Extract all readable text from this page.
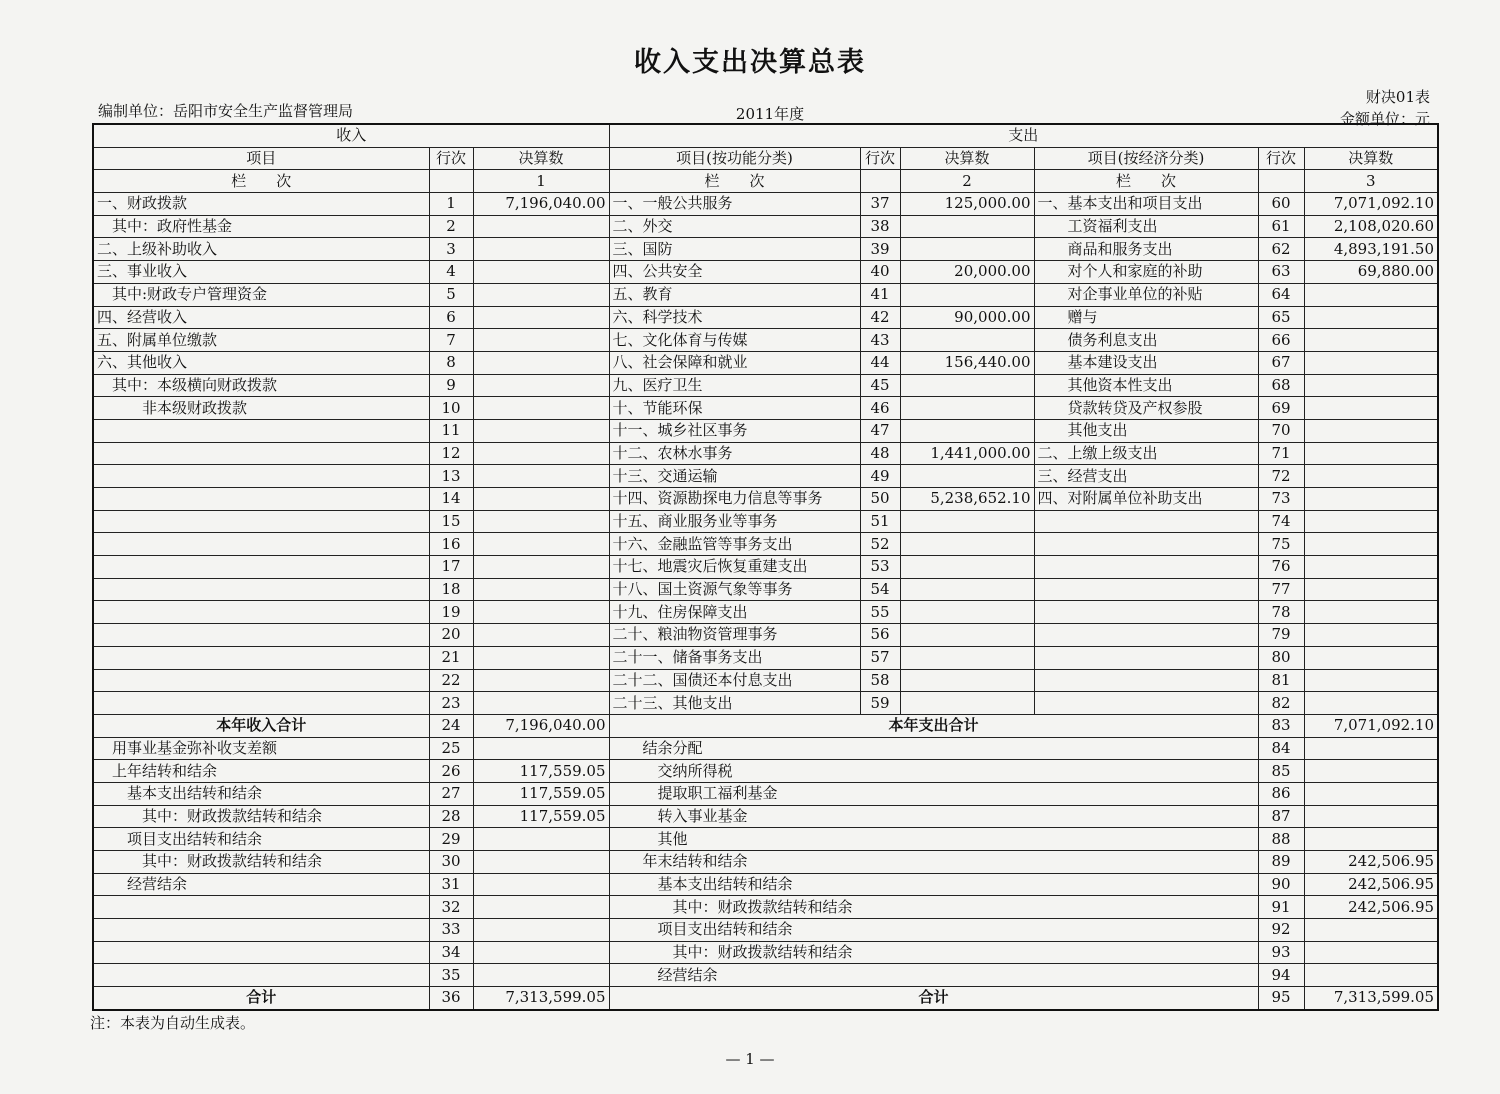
收入支出决算总表
编制单位：岳阳市安全生产监督管理局	2011年度
财决01表
金额单位：元
收入			支出					
项目	行次	决算数	项目(按功能分类)	行次	决算数	项目(按经济分类)	行次	决算数
栏　　次		1	栏　　次		2	栏　　次		3
一、财政拨款	1	7,196,040.00	一、一般公共服务	37	125,000.00	一、基本支出和项目支出	60	7,071,092.10
　其中：政府性基金	2		二、外交	38		　　工资福利支出	61	2,108,020.60
二、上级补助收入	3		三、国防	39		　　商品和服务支出	62	4,893,191.50
三、事业收入	4		四、公共安全	40	20,000.00	　　对个人和家庭的补助	63	69,880.00
　其中:财政专户管理资金	5		五、教育	41		　　对企事业单位的补贴	64	
四、经营收入	6		六、科学技术	42	90,000.00	　　赠与	65	
五、附属单位缴款	7		七、文化体育与传媒	43		　　债务利息支出	66	
六、其他收入	8		八、社会保障和就业	44	156,440.00	　　基本建设支出	67	
　其中：本级横向财政拨款	9		九、医疗卫生	45		　　其他资本性支出	68	
　　　非本级财政拨款	10		十、节能环保	46		　　贷款转贷及产权参股	69	
	11		十一、城乡社区事务	47		　　其他支出	70	
	12		十二、农林水事务	48	1,441,000.00	二、上缴上级支出	71	
	13		十三、交通运输	49		三、经营支出	72	
	14		十四、资源勘探电力信息等事务	50	5,238,652.10	四、对附属单位补助支出	73	
	15		十五、商业服务业等事务	51			74	
	16		十六、金融监管等事务支出	52			75	
	17		十七、地震灾后恢复重建支出	53			76	
	18		十八、国土资源气象等事务	54			77	
	19		十九、住房保障支出	55			78	
	20		二十、粮油物资管理事务	56			79	
	21		二十一、储备事务支出	57			80	
	22		二十二、国债还本付息支出	58			81	
	23		二十三、其他支出	59			82	
本年收入合计	24	7,196,040.00	本年支出合计				83	7,071,092.10
　用事业基金弥补收支差额	25		　　结余分配				84	
　上年结转和结余	26	117,559.05	　　　交纳所得税				85	
　　基本支出结转和结余	27	117,559.05	　　　提取职工福利基金				86	
　　　其中：财政拨款结转和结余	28	117,559.05	　　　转入事业基金				87	
　　项目支出结转和结余	29		　　　其他				88	
　　　其中：财政拨款结转和结余	30		　　年末结转和结余				89	242,506.95
　　经营结余	31		　　　基本支出结转和结余				90	242,506.95
	32		　　　　其中：财政拨款结转和结余				91	242,506.95
	33		　　　项目支出结转和结余				92	
	34		　　　　其中：财政拨款结转和结余				93	
	35		　　　经营结余				94	
合计	36	7,313,599.05	合计				95	7,313,599.05
注：本表为自动生成表。
— 1 —
